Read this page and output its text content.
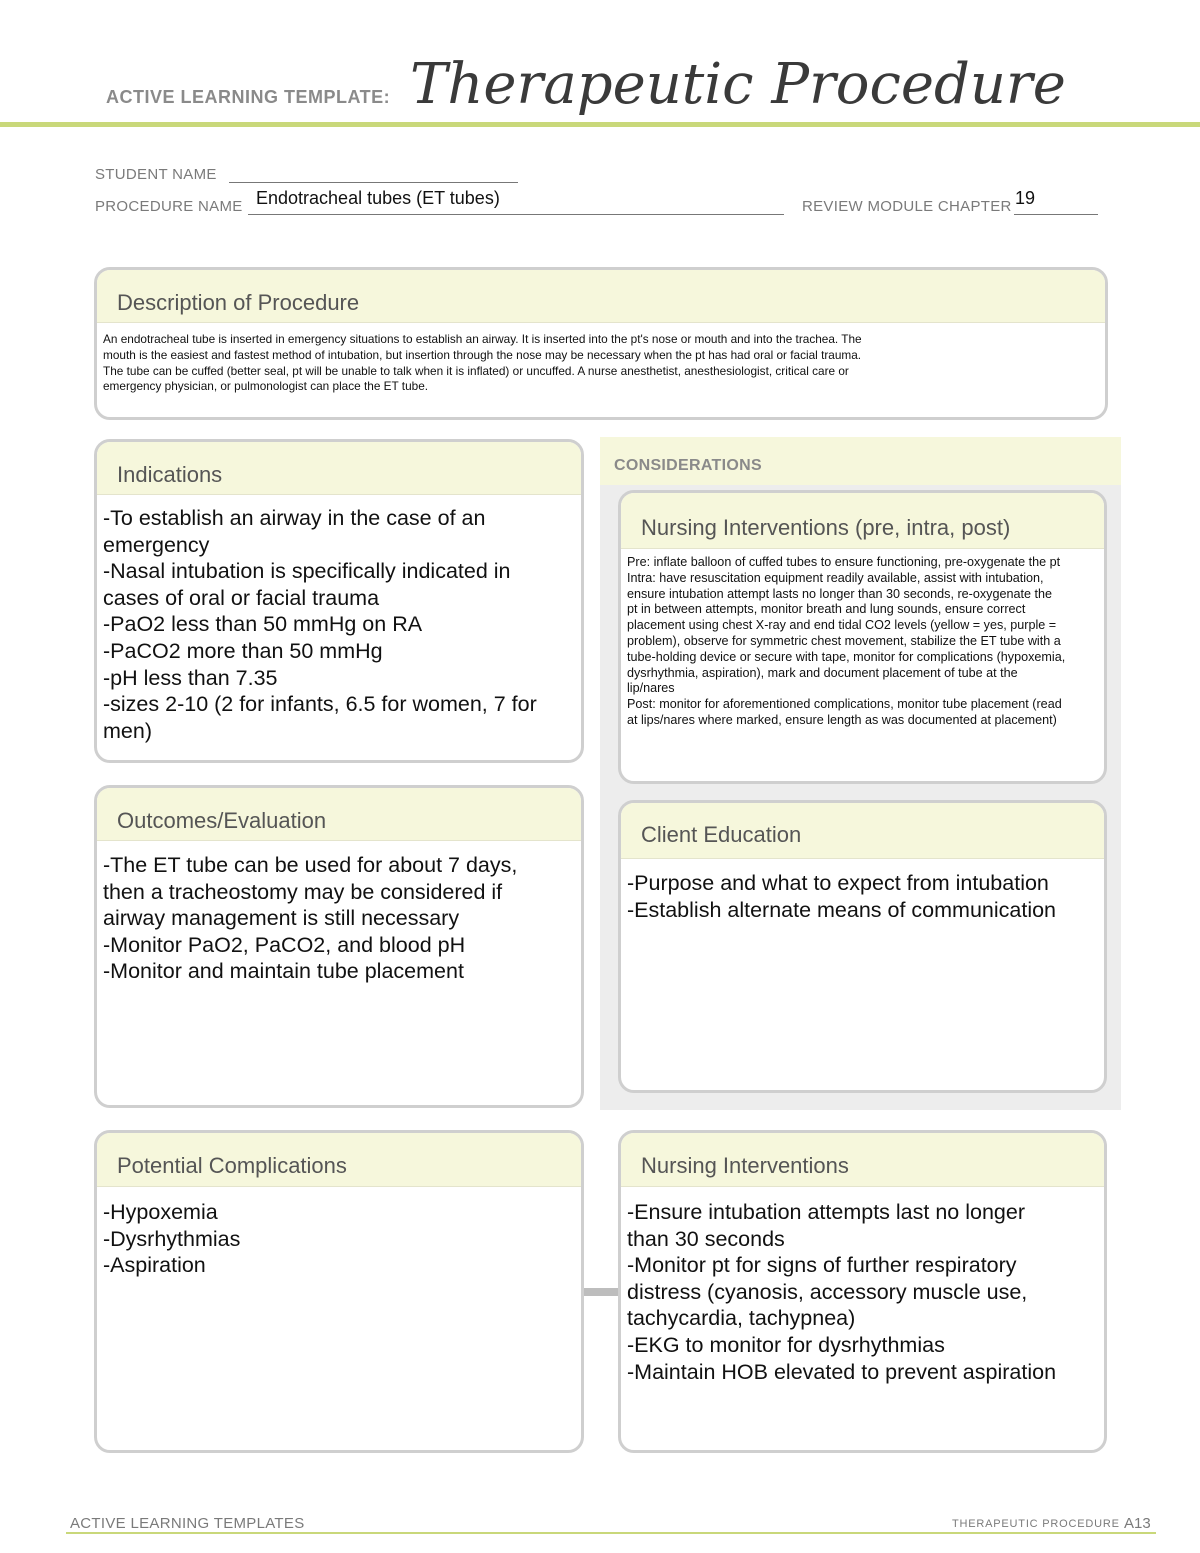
ACTIVE LEARNING TEMPLATE: Therapeutic Procedure
STUDENT NAME
PROCEDURE NAME Endotracheal tubes (ET tubes)	REVIEW MODULE CHAPTER 19
Description of Procedure
An endotracheal tube is inserted in emergency situations to establish an airway. It is inserted into the pt's nose or mouth and into the trachea. The
mouth is the easiest and fastest method of intubation, but insertion through the nose may be necessary when the pt has had oral or facial trauma.
The tube can be cuffed (better seal, pt will be unable to talk when it is inflated) or uncuffed. A nurse anesthetist, anesthesiologist, critical care or
emergency physician, or pulmonologist can place the ET tube.
CONSIDERATIONS
Indications
-To establish an airway in the case of an
emergency
-Nasal intubation is specifically indicated in
cases of oral or facial trauma
-PaO2 less than 50 mmHg on RA
-PaCO2 more than 50 mmHg
-pH less than 7.35
-sizes 2-10 (2 for infants, 6.5 for women, 7 for
men)
Nursing Interventions (pre, intra, post)
Pre: inflate balloon of cuffed tubes to ensure functioning, pre-oxygenate the pt
Intra: have resuscitation equipment readily available, assist with intubation,
ensure intubation attempt lasts no longer than 30 seconds, re-oxygenate the
pt in between attempts, monitor breath and lung sounds, ensure correct
placement using chest X-ray and end tidal CO2 levels (yellow = yes, purple =
problem), observe for symmetric chest movement, stabilize the ET tube with a
tube-holding device or secure with tape, monitor for complications (hypoxemia,
dysrhythmia, aspiration), mark and document placement of tube at the
lip/nares
Post: monitor for aforementioned complications, monitor tube placement (read
at lips/nares where marked, ensure length as was documented at placement)
Outcomes/Evaluation
-The ET tube can be used for about 7 days,
then a tracheostomy may be considered if
airway management is still necessary
-Monitor PaO2, PaCO2, and blood pH
-Monitor and maintain tube placement
Client Education
-Purpose and what to expect from intubation
-Establish alternate means of communication
Potential Complications
-Hypoxemia
-Dysrhythmias
-Aspiration
Nursing Interventions
-Ensure intubation attempts last no longer
than 30 seconds
-Monitor pt for signs of further respiratory
distress (cyanosis, accessory muscle use,
tachycardia, tachypnea)
-EKG to monitor for dysrhythmias
-Maintain HOB elevated to prevent aspiration
ACTIVE LEARNING TEMPLATES	THERAPEUTIC PROCEDURE A13
